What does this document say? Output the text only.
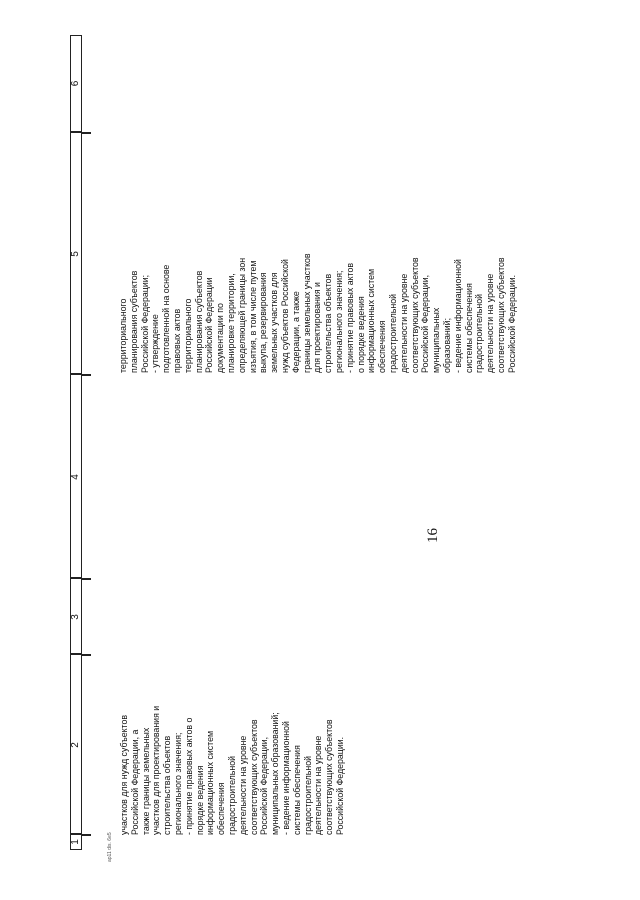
16
1
2
3
4
5
6
участков для нужд субъектов Российской Федерации, а также границы земельных участков для проектирования и строительства объектов регионального значения; - принятие правовых актов о порядке ведения информационных систем обеспечения градостроительной деятельности на уровне соответствующих субъектов Российской Федерации, муниципальных образований; - ведение информационной системы обеспечения градостроительной деятельности на уровне соответствующих субъектов Российской Федерации.
территориального планирования субъектов Российской Федерации; - утверждение подготовленной на основе правовых актов территориального планирования субъектов Российской Федерации документации по планировке территории, определяющей границы зон изъятия, в том числе путем выкупа, резервирования земельных участков для нужд субъектов Российской Федерации, а также границы земельных участков для проектирования и строительства объектов регионального значения; - принятие правовых актов о порядке ведения информационных систем обеспечения градостроительной деятельности на уровне соответствующих субъектов Российской Федерации, муниципальных образований; - ведение информационной системы обеспечения градостроительной деятельности на уровне соответствующих субъектов Российской Федерации.
ap11 dis. 6e5
